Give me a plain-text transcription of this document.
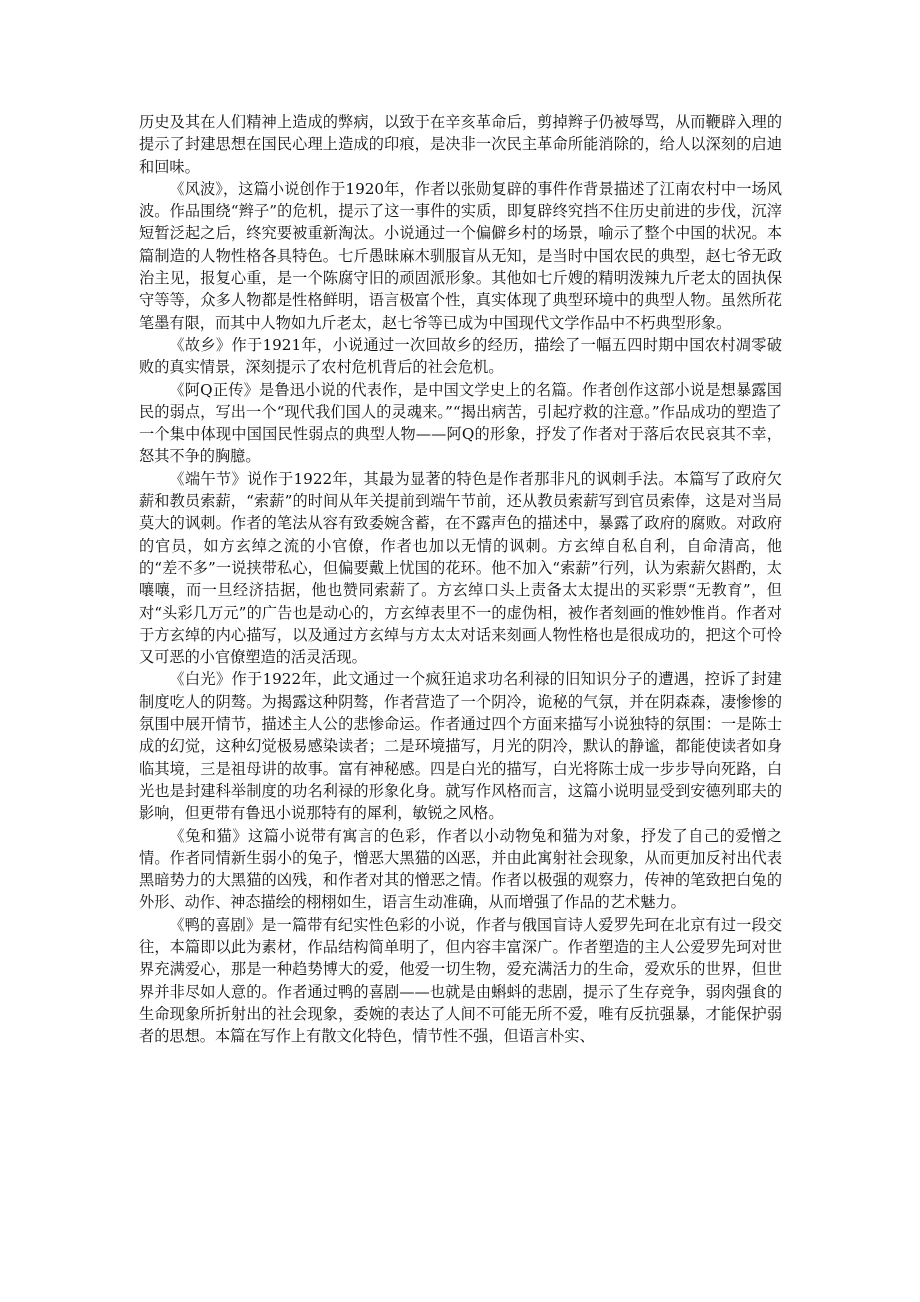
历史及其在人们精神上造成的弊病，以致于在辛亥革命后，剪掉辫子仍被辱骂，从而鞭辟入理的提示了封建思想在国民心理上造成的印痕，是决非一次民主革命所能消除的，给人以深刻的启迪和回味。

《风波》，这篇小说创作于1920年，作者以张勋复辟的事件作背景描述了江南农村中一场风波。作品围绕“辫子”的危机，提示了这一事件的实质，即复辟终究挡不住历史前进的步伐，沉滓短暂泛起之后，终究要被重新淘汰。小说通过一个偏僻乡村的场景，喻示了整个中国的状况。本篇制造的人物性格各具特色。七斤愚昧麻木驯服盲从无知，是当时中国农民的典型，赵七爷无政治主见，报复心重，是一个陈腐守旧的顽固派形象。其他如七斤嫂的精明泼辣九斤老太的固执保守等等，众多人物都是性格鲜明，语言极富个性，真实体现了典型环境中的典型人物。虽然所花笔墨有限，而其中人物如九斤老太，赵七爷等已成为中国现代文学作品中不朽典型形象。

《故乡》作于1921年，小说通过一次回故乡的经历，描绘了一幅五四时期中国农村凋零破败的真实情景，深刻提示了农村危机背后的社会危机。

《阿Q正传》是鲁迅小说的代表作，是中国文学史上的名篇。作者创作这部小说是想暴露国民的弱点，写出一个“现代我们国人的灵魂来。”“揭出病苦，引起疗救的注意。”作品成功的塑造了一个集中体现中国国民性弱点的典型人物——阿Q的形象，抒发了作者对于落后农民哀其不幸，怒其不争的胸臆。

《端午节》说作于1922年，其最为显著的特色是作者那非凡的讽刺手法。本篇写了政府欠薪和教员索薪，“索薪”的时间从年关提前到端午节前，还从教员索薪写到官员索俸，这是对当局莫大的讽刺。作者的笔法从容有致委婉含蓄，在不露声色的描述中，暴露了政府的腐败。对政府的官员，如方玄绰之流的小官僚，作者也加以无情的讽刺。方玄绰自私自利，自命清高，他的“差不多”一说挟带私心，但偏要戴上忧国的花环。他不加入“索薪”行列，认为索薪欠斟酌，太嚷嚷，而一旦经济拮据，他也赞同索薪了。方玄绰口头上责备太太提出的买彩票“无教育”，但对“头彩几万元”的广告也是动心的，方玄绰表里不一的虚伪相，被作者刻画的惟妙惟肖。作者对于方玄绰的内心描写，以及通过方玄绰与方太太对话来刻画人物性格也是很成功的，把这个可怜又可恶的小官僚塑造的活灵活现。

《白光》作于1922年，此文通过一个疯狂追求功名利禄的旧知识分子的遭遇，控诉了封建制度吃人的阴骜。为揭露这种阴骜，作者营造了一个阴冷，诡秘的气氛，并在阴森森，凄惨惨的氛围中展开情节，描述主人公的悲惨命运。作者通过四个方面来描写小说独特的氛围：一是陈士成的幻觉，这种幻觉极易感染读者；二是环境描写，月光的阴冷，默认的静谧，都能使读者如身临其境，三是祖母讲的故事。富有神秘感。四是白光的描写，白光将陈士成一步步导向死路，白光也是封建科举制度的功名利禄的形象化身。就写作风格而言，这篇小说明显受到安德列耶夫的影响，但更带有鲁迅小说那特有的犀利，敏锐之风格。

《兔和猫》这篇小说带有寓言的色彩，作者以小动物兔和猫为对象，抒发了自己的爱憎之情。作者同情新生弱小的兔子，憎恶大黑猫的凶恶，并由此寓射社会现象，从而更加反衬出代表黑暗势力的大黑猫的凶残，和作者对其的憎恶之情。作者以极强的观察力，传神的笔致把白兔的外形、动作、神态描绘的栩栩如生，语言生动准确，从而增强了作品的艺术魅力。

《鸭的喜剧》是一篇带有纪实性色彩的小说，作者与俄国盲诗人爱罗先珂在北京有过一段交往，本篇即以此为素材，作品结构简单明了，但内容丰富深广。作者塑造的主人公爱罗先珂对世界充满爱心，那是一种趋势博大的爱，他爱一切生物，爱充满活力的生命，爱欢乐的世界，但世界并非尽如人意的。作者通过鸭的喜剧——也就是由蝌蚪的悲剧，提示了生存竞争，弱肉强食的生命现象所折射出的社会现象，委婉的表达了人间不可能无所不爱，唯有反抗强暴，才能保护弱者的思想。本篇在写作上有散文化特色，情节性不强，但语言朴实、
